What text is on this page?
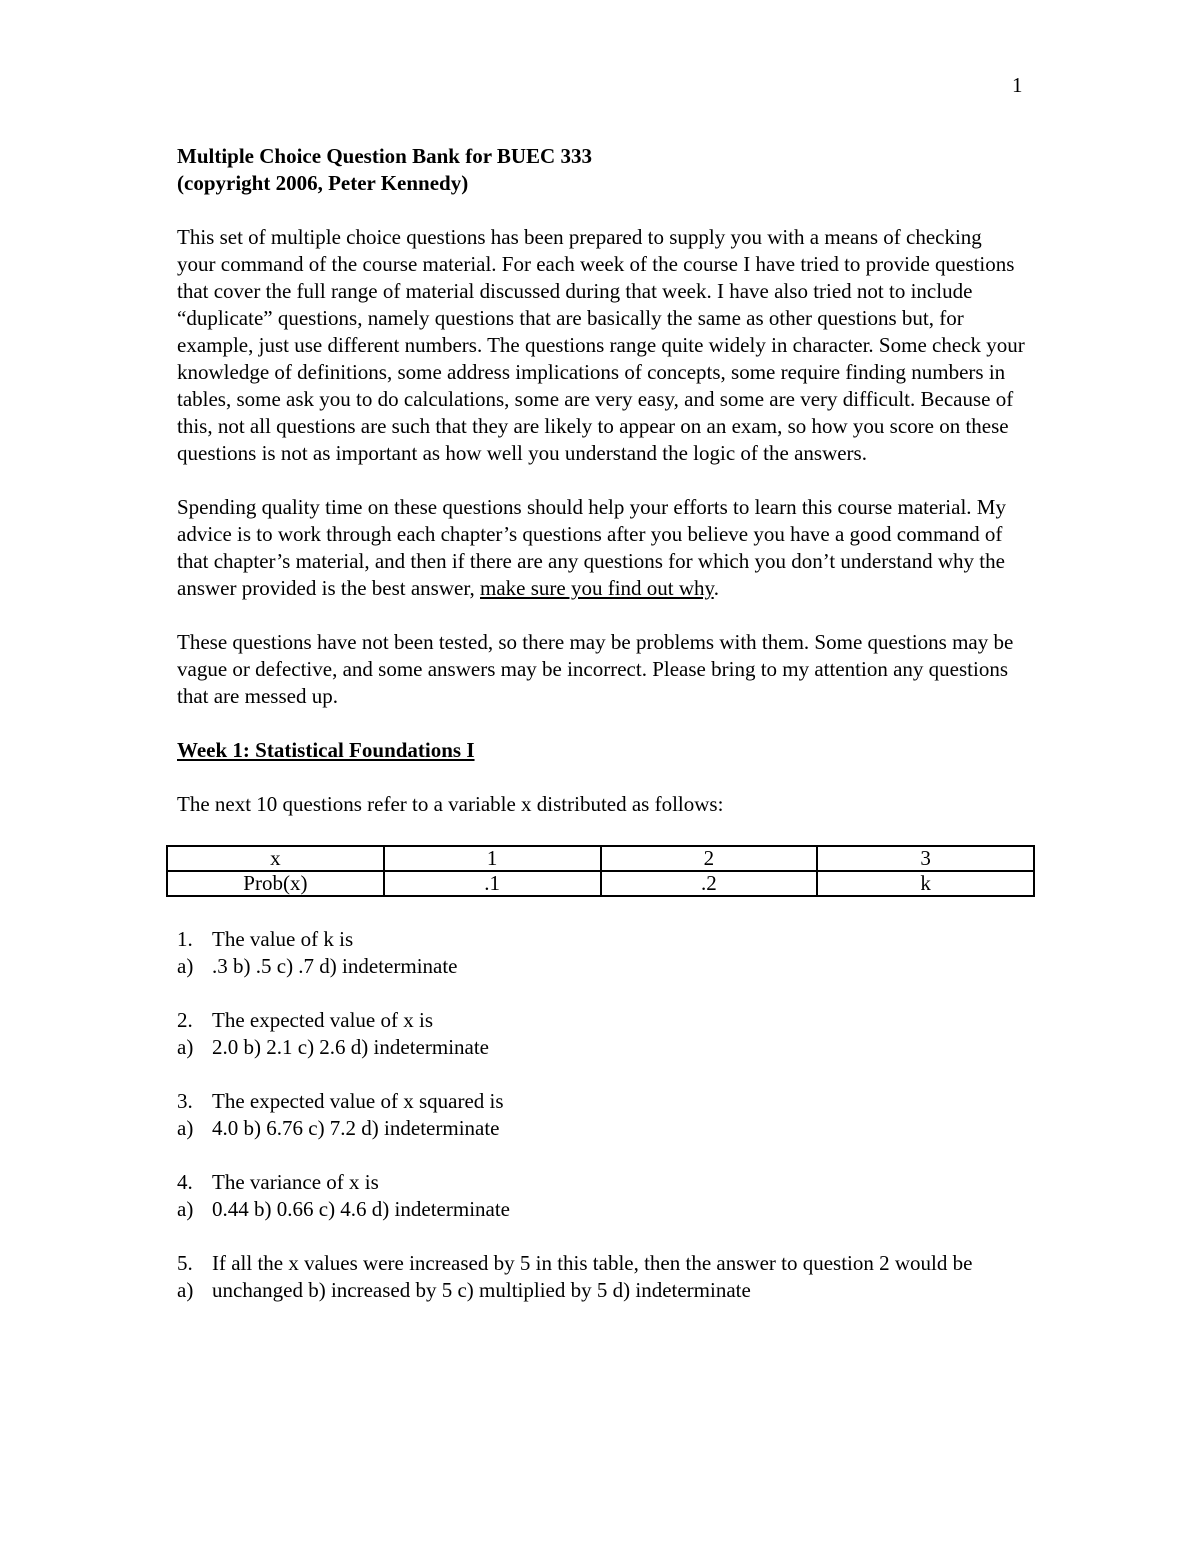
1
Multiple Choice Question Bank for BUEC 333
(copyright 2006, Peter Kennedy)
This set of multiple choice questions has been prepared to supply you with a means of checking your command of the course material. For each week of the course I have tried to provide questions that cover the full range of material discussed during that week. I have also tried not to include “duplicate” questions, namely questions that are basically the same as other questions but, for example, just use different numbers. The questions range quite widely in character. Some check your knowledge of definitions, some address implications of concepts, some require finding numbers in tables, some ask you to do calculations, some are very easy, and some are very difficult. Because of this, not all questions are such that they are likely to appear on an exam, so how you score on these questions is not as important as how well you understand the logic of the answers.
Spending quality time on these questions should help your efforts to learn this course material. My advice is to work through each chapter’s questions after you believe you have a good command of that chapter’s material, and then if there are any questions for which you don’t understand why the answer provided is the best answer, make sure you find out why.
These questions have not been tested, so there may be problems with them. Some questions may be vague or defective, and some answers may be incorrect. Please bring to my attention any questions that are messed up.
Week 1: Statistical Foundations I
The next 10 questions refer to a variable x distributed as follows:
x	1	2	3
Prob(x)	.1	.2	k
1. The value of k is
a) .3 b) .5 c) .7 d) indeterminate
2. The expected value of x is
a) 2.0 b) 2.1 c) 2.6 d) indeterminate
3. The expected value of x squared is
a) 4.0 b) 6.76 c) 7.2 d) indeterminate
4. The variance of x is
a) 0.44 b) 0.66 c) 4.6 d) indeterminate
5. If all the x values were increased by 5 in this table, then the answer to question 2 would be
a) unchanged b) increased by 5 c) multiplied by 5 d) indeterminate
